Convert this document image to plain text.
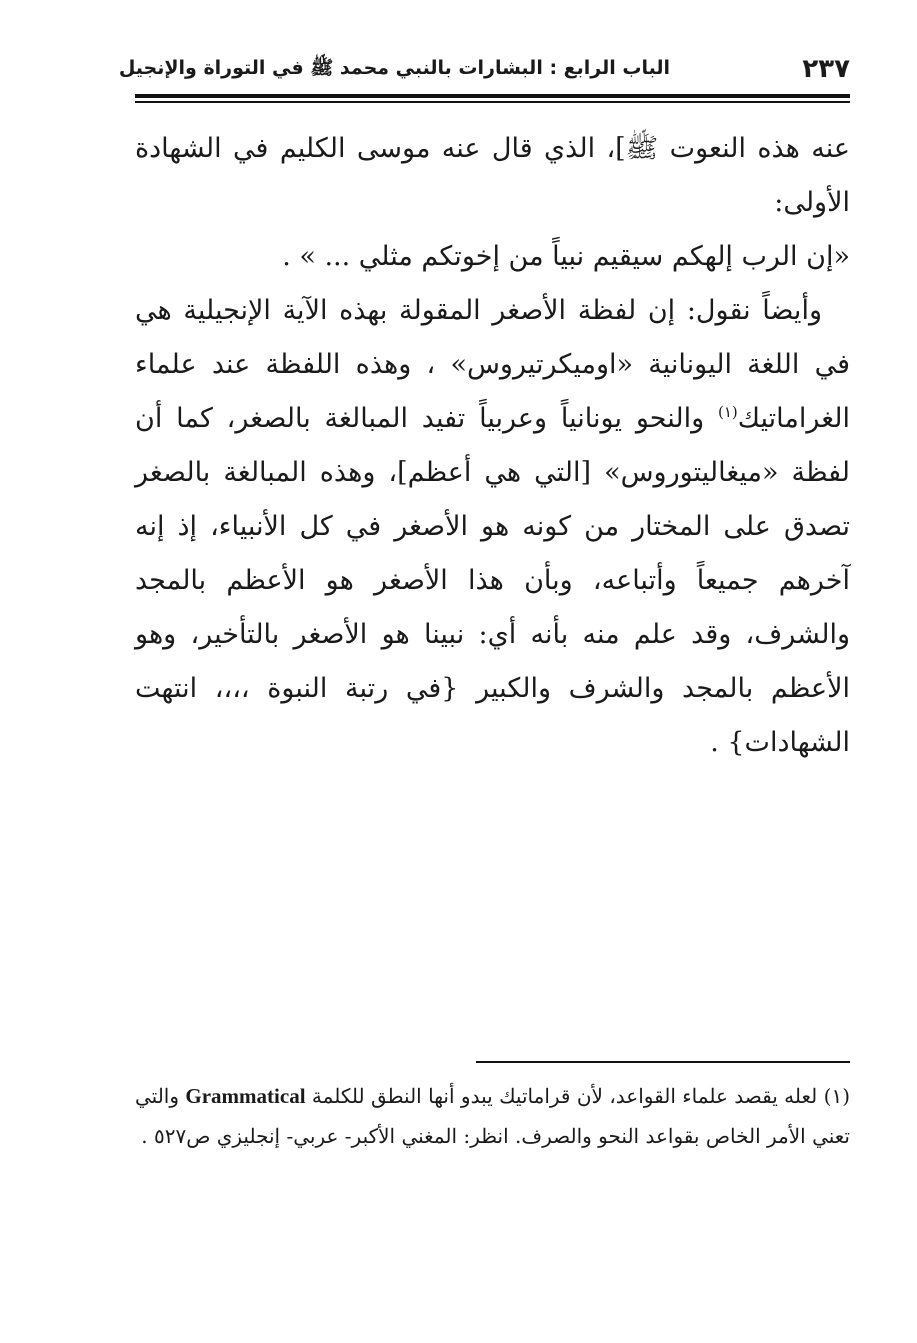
٢٣٧
الباب الرابع : البشارات بالنبي محمد ﷺ في التوراة والإنجيل

عنه هذه النعوت ﷺ]، الذي قال عنه موسى الكليم في الشهادة الأولى:

«إن الرب إلهكم سيقيم نبياً من إخوتكم مثلي ... » .

وأيضاً نقول: إن لفظة الأصغر المقولة بهذه الآية الإنجيلية هي في اللغة اليونانية «اوميكرتيروس» ، وهذه اللفظة عند علماء الغراماتيك$^{(١)}$ والنحو يونانياً وعربياً تفيد المبالغة بالصغر، كما أن لفظة «ميغاليتوروس» [التي هي أعظم]، وهذه المبالغة بالصغر تصدق على المختار من كونه هو الأصغر في كل الأنبياء، إذ إنه آخرهم جميعاً وأتباعه، وبأن هذا الأصغر هو الأعظم بالمجد والشرف، وقد علم منه بأنه أي: نبينا هو الأصغر بالتأخير، وهو الأعظم بالمجد والشرف والكبير {في رتبة النبوة ،،،، انتهت الشهادات} .

(١) لعله يقصد علماء القواعد، لأن قراماتيك يبدو أنها النطق للكلمة Grammatical والتي تعني الأمر الخاص بقواعد النحو والصرف. انظر: المغني الأكبر- عربي- إنجليزي ص٥٢٧ .
